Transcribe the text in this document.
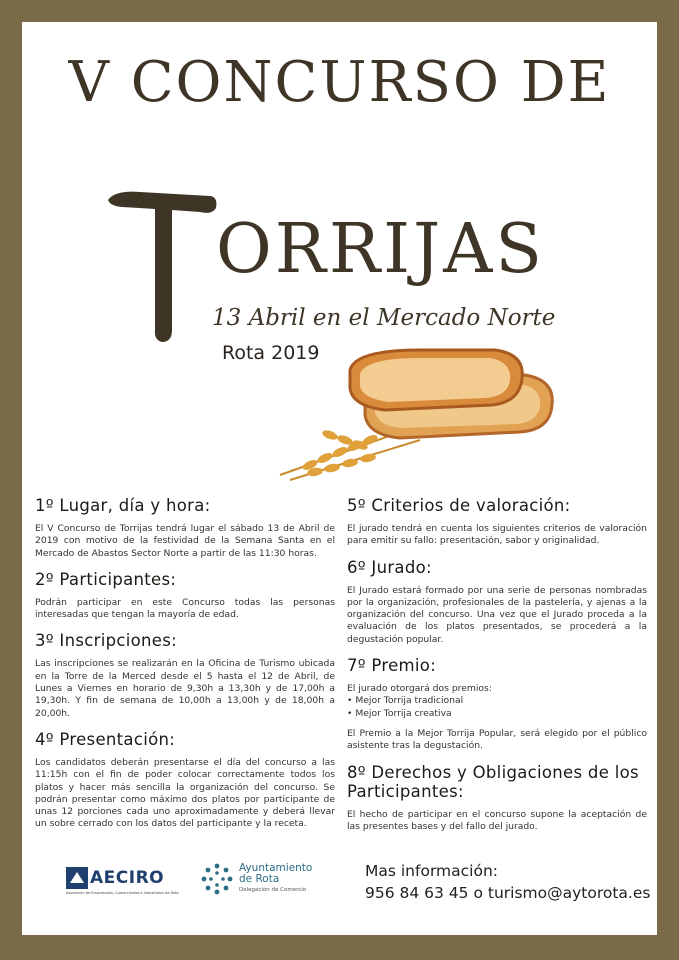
V CONCURSO DE
ORRIJAS
13 Abril en el Mercado Norte
Rota 2019
1º Lugar, día y hora:

El V Concurso de Torrijas tendrá lugar el sábado 13 de Abril de 2019 con motivo de la festividad de la Semana Santa en el Mercado de Abastos Sector Norte a partir de las 11:30 horas.

2º Participantes:

Podrán participar en este Concurso todas las personas interesadas que tengan la mayoría de edad.

3º Inscripciones:

Las inscripciones se realizarán en la Oficina de Turismo ubicada en la Torre de la Merced desde el 5 hasta el 12 de Abril, de Lunes a Viernes en horario de 9,30h a 13,30h y de 17,00h a 19,30h. Y fin de semana de 10,00h a 13,00h y de 18,00h a 20,00h.

4º Presentación:

Los candidatos deberán presentarse el día del concurso a las 11:15h con el fin de poder colocar correctamente todos los platos y hacer más sencilla la organización del concurso. Se podrán presentar como máximo dos platos por participante de unas 12 porciones cada uno aproximadamente y deberá llevar un sobre cerrado con los datos del participante y la receta.

5º Criterios de valoración:

El jurado tendrá en cuenta los siguientes criterios de valoración para emitir su fallo: presentación, sabor y originalidad.

6º Jurado:

El Jurado estará formado por una serie de personas nombradas por la organización, profesionales de la pastelería, y ajenas a la organización del concurso. Una vez que el Jurado proceda a la evaluación de los platos presentados, se procederá a la degustación popular.

7º Premio:
El jurado otorgará dos premios:
• Mejor Torrija tradicional
• Mejor Torrija creativa

El Premio a la Mejor Torrija Popular, será elegido por el público asistente tras la degustación.

8º Derechos y Obligaciones de los Participantes:

El hecho de participar en el concurso supone la aceptación de las presentes bases y del fallo del jurado.

AECIRO
Asociación de Empresarios, Comerciantes e Industriales de Rota
Ayuntamiento
de Rota
Delegación de Comercio
Mas información:
956 84 63 45 o turismo@aytorota.es
